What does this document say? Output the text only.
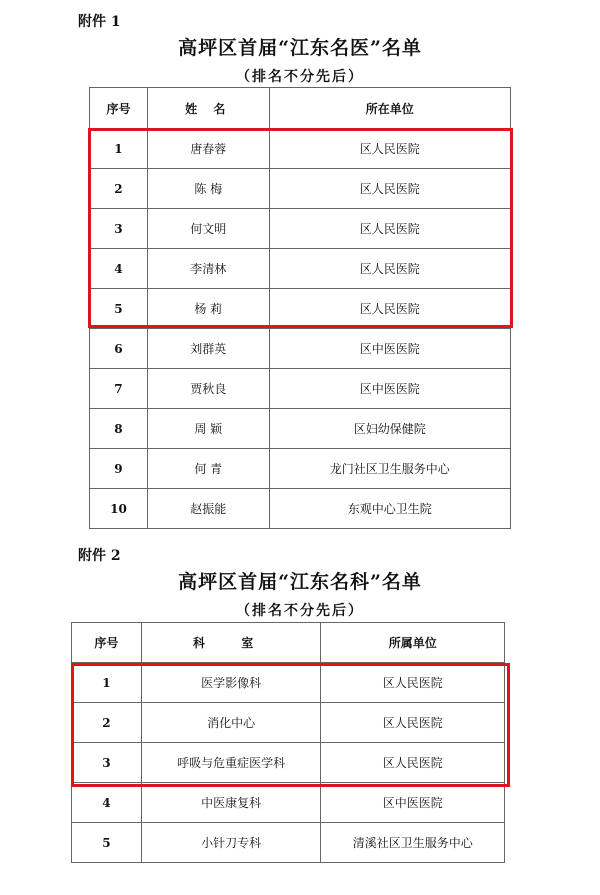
附件 1
高坪区首届“江东名医”名单
（排名不分先后）
序号	姓 名	所在单位
1	唐春蓉	区人民医院
2	陈 梅	区人民医院
3	何文明	区人民医院
4	李清林	区人民医院
5	杨 莉	区人民医院
6	刘群英	区中医医院
7	贾秋良	区中医医院
8	周 颖	区妇幼保健院
9	何 青	龙门社区卫生服务中心
10	赵振能	东观中心卫生院
附件 2
高坪区首届“江东名科”名单
（排名不分先后）
序号	科 室	所属单位
1	医学影像科	区人民医院
2	消化中心	区人民医院
3	呼吸与危重症医学科	区人民医院
4	中医康复科	区中医医院
5	小针刀专科	清溪社区卫生服务中心
